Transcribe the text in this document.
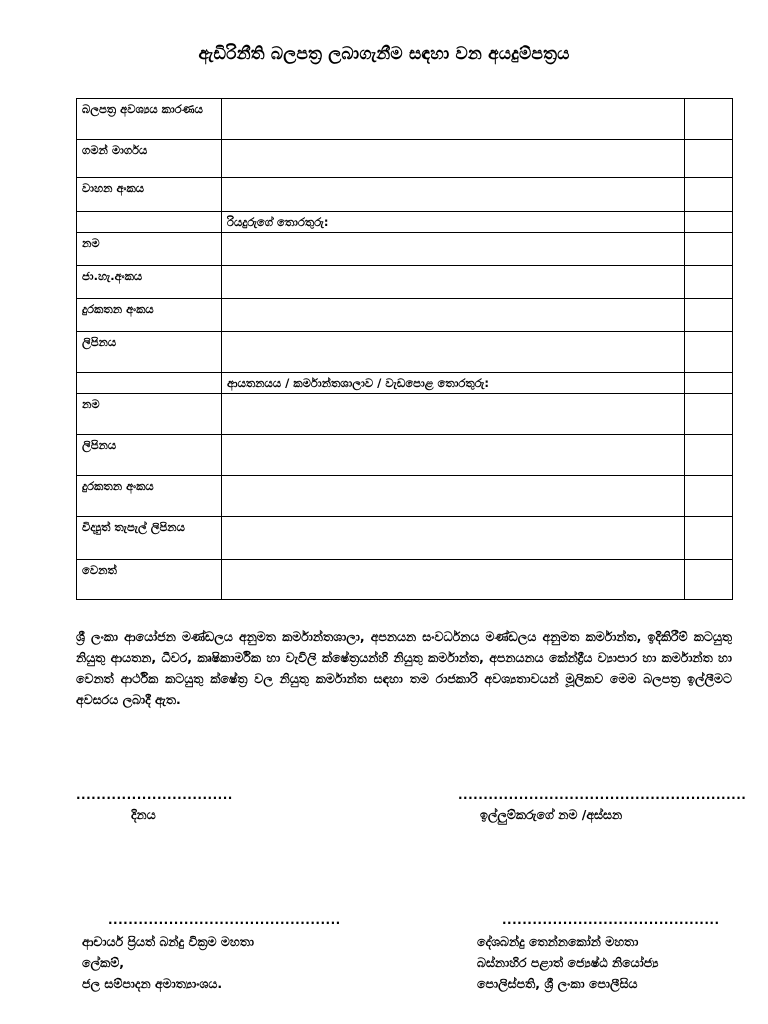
ඇඩිරිනීති බලපත්‍ර ලබාගැනීම සඳහා වන අයදුම්පත්‍රය
බලපත්‍ර අවශ්‍යය කාරණය		
ගමන් මාර්ගය		
වාහන අංකය		
	රියදුරුගේ තොරතුරු:	
නම		
ජා.හැ.අංකය		
දුරකතන අංකය		
ලිපිනය		
	ආයතනයය / කර්මාන්තශාලාව / වැඩපොළ තොරතුරු:	
නම		
ලිපිනය		
දුරකතන අංකය		
විද්‍යුත් තැපැල් ලිපිනය		
වෙනත්		
ශ්‍රී ලංකා ආයෝජන මණ්ඩලය අනුමත කර්මාන්තශාලා, අපනයන සංවර්ධනය මණ්ඩලය අනුමත කර්මාන්ත, ඉදිකිරීම් කටයුතු නියුතු ආයතන, ධීවර, කෘෂිකාර්මික හා වැවිලි ක්ෂේත්‍රයන්හි නියුතු කර්මාන්ත, අපනයනය කේන්ද්‍රීය ව්‍යාපාර හා කර්මාන්ත හා වෙනත් ආර්ථික කටයුතු ක්ෂේත්‍ර වල නියුතු කර්මාන්ත සඳහා තම රාජකාරි අවශ්‍යතාවයන් මූලිකව මෙම බලපත්‍ර ඉල්ලීමට අවසරය ලබාදී ඇත.
...............................
දිනය
.........................................................
ඉල්ලුම්කරුගේ නම /අස්සන
..............................................
ආචාර්ය ප්‍රියත් බන්දු වික්‍රම මහතා
ලේකම්,
ජල සම්පාදන අමාත්‍යාංශය.
...........................................
දේශබන්දු තෙන්නකෝන් මහතා
බස්නාහිර පළාත් ජ්‍යෙෂ්ඨ නියෝජ්‍ය
පොලිස්පති, ශ්‍රී ලංකා පොලීසිය
